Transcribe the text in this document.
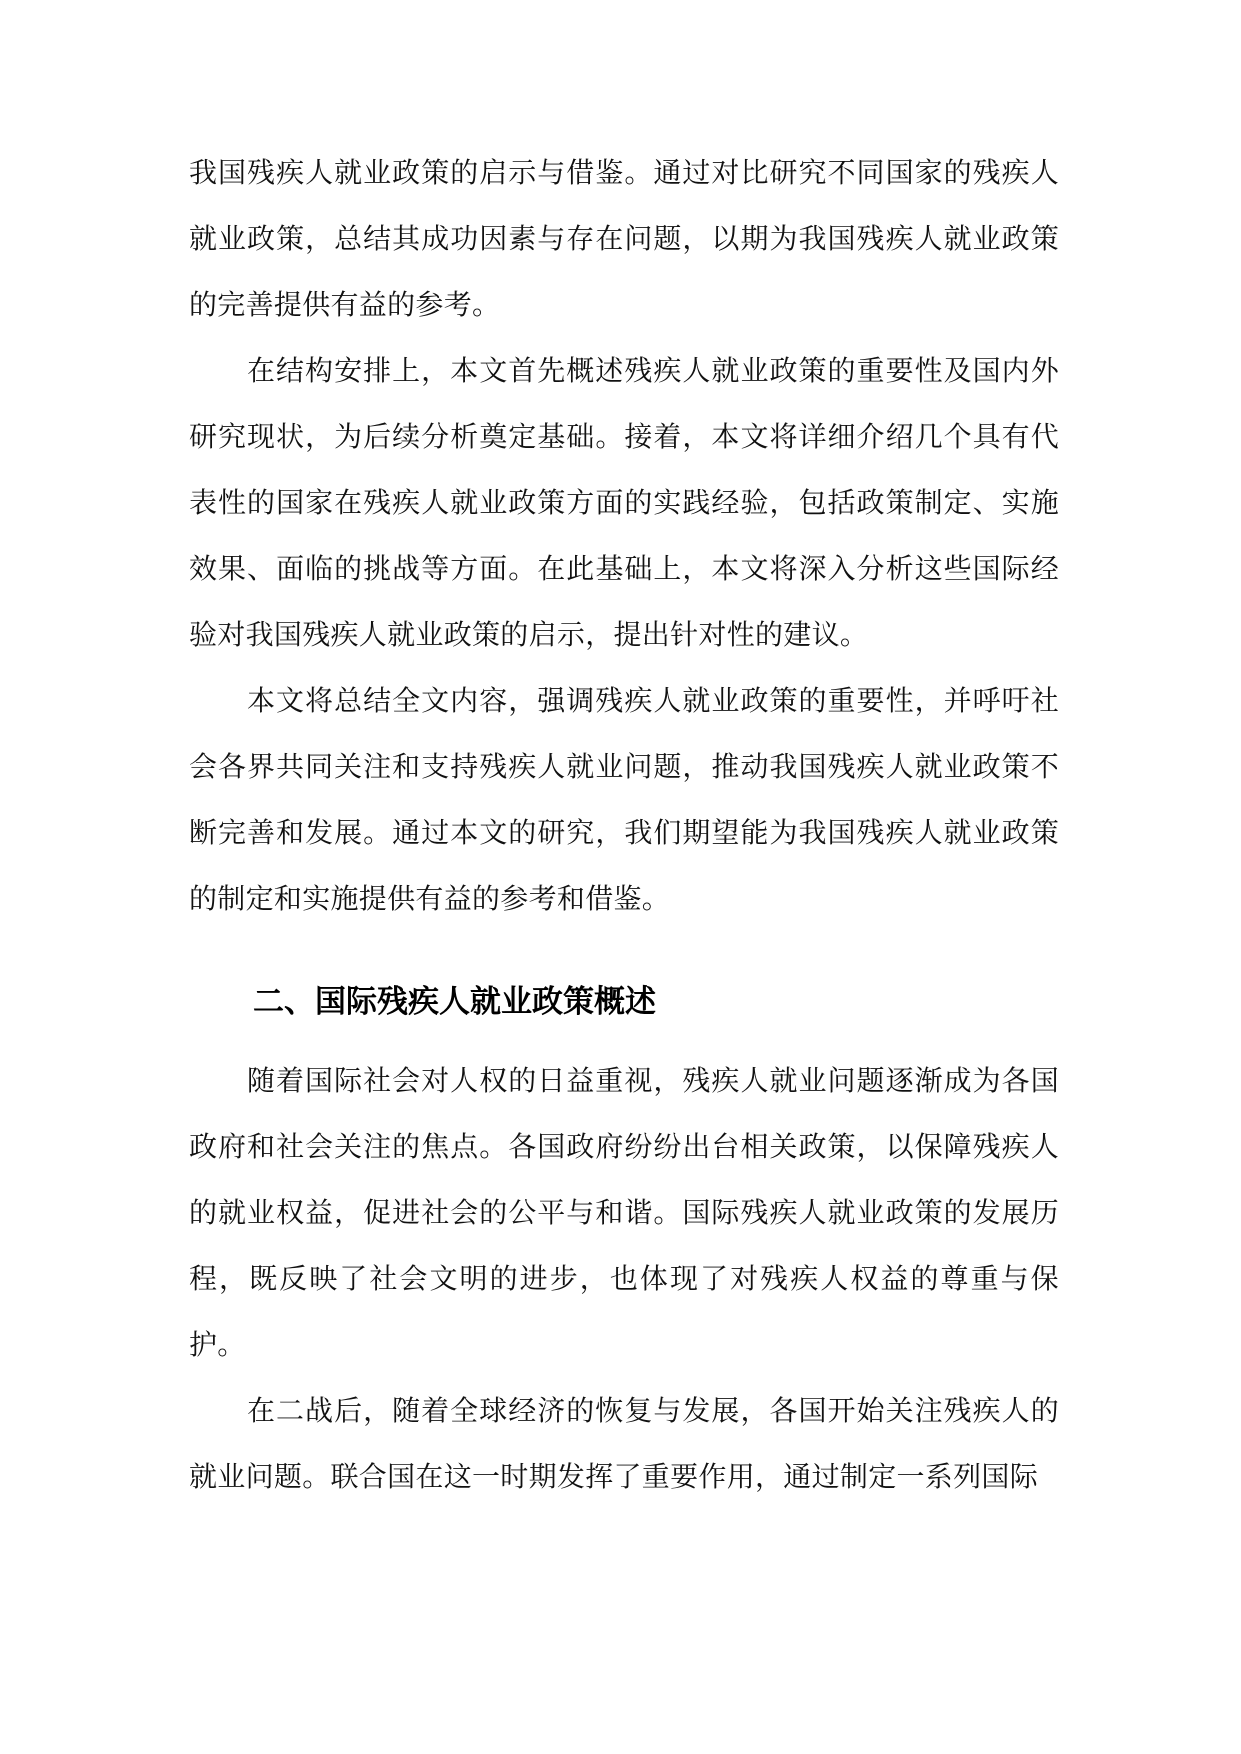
我国残疾人就业政策的启示与借鉴。通过对比研究不同国家的残疾人就业政策，总结其成功因素与存在问题，以期为我国残疾人就业政策的完善提供有益的参考。

在结构安排上，本文首先概述残疾人就业政策的重要性及国内外研究现状，为后续分析奠定基础。接着，本文将详细介绍几个具有代表性的国家在残疾人就业政策方面的实践经验，包括政策制定、实施效果、面临的挑战等方面。在此基础上，本文将深入分析这些国际经验对我国残疾人就业政策的启示，提出针对性的建议。

本文将总结全文内容，强调残疾人就业政策的重要性，并呼吁社会各界共同关注和支持残疾人就业问题，推动我国残疾人就业政策不断完善和发展。通过本文的研究，我们期望能为我国残疾人就业政策的制定和实施提供有益的参考和借鉴。

二、国际残疾人就业政策概述

随着国际社会对人权的日益重视，残疾人就业问题逐渐成为各国政府和社会关注的焦点。各国政府纷纷出台相关政策，以保障残疾人的就业权益，促进社会的公平与和谐。国际残疾人就业政策的发展历程，既反映了社会文明的进步，也体现了对残疾人权益的尊重与保护。

在二战后，随着全球经济的恢复与发展，各国开始关注残疾人的就业问题。联合国在这一时期发挥了重要作用，通过制定一系列国际
